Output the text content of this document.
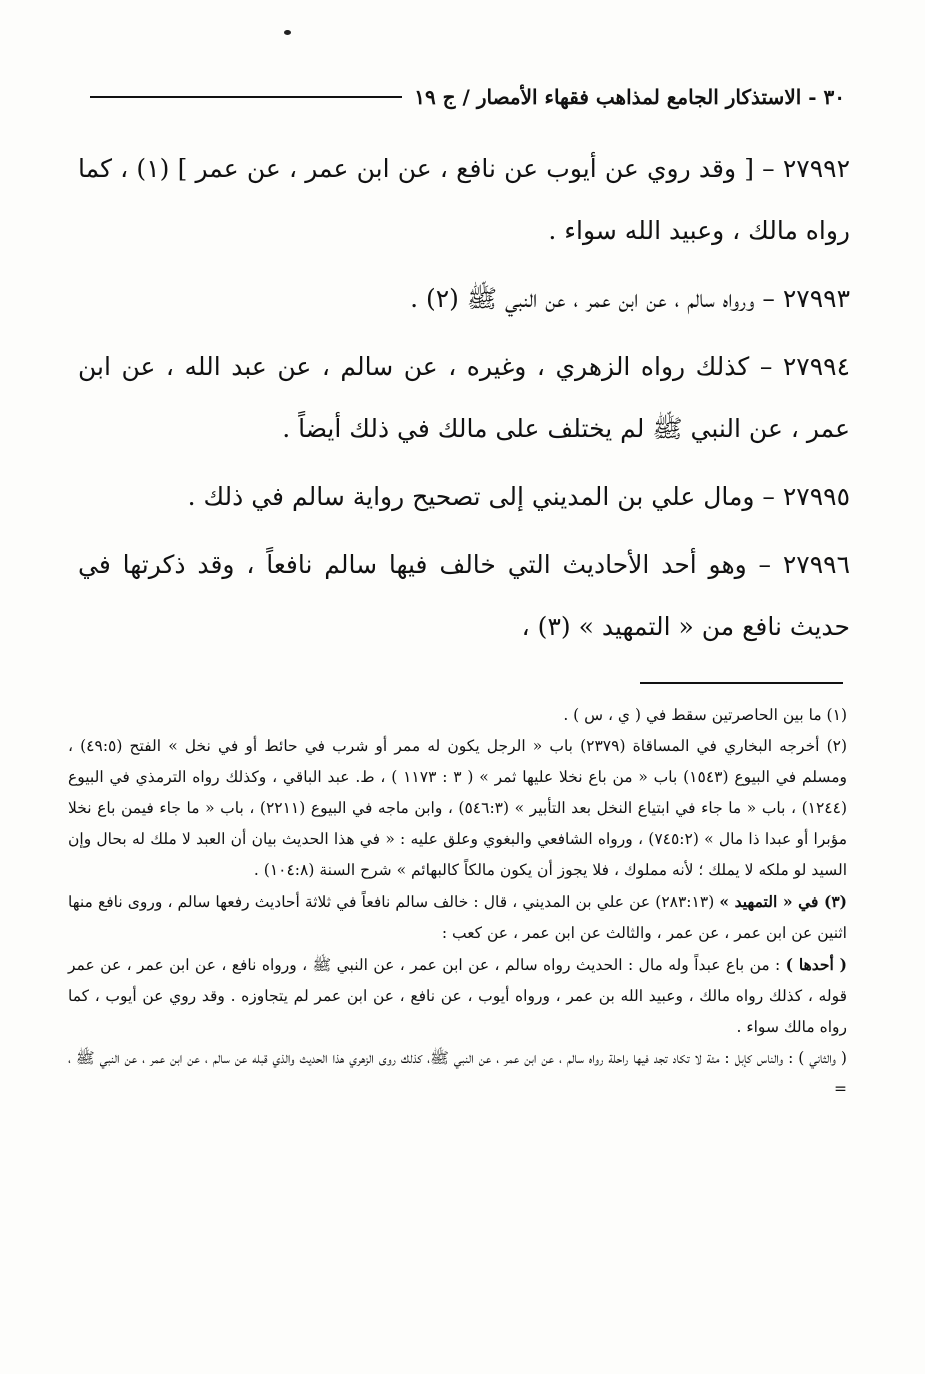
٣٠ - الاستذكار الجامع لمذاهب فقهاء الأمصار / ج ١٩

٢٧٩٩٢ – [ وقد روي عن أيوب عن نافع ، عن ابن عمر ، عن عمر ] (١) ، كما رواه مالك ، وعبيد الله سواء .

٢٧٩٩٣ – ورواه سالم ، عن ابن عمر ، عن النبي ﷺ (٢) .

٢٧٩٩٤ – كذلك رواه الزهري ، وغيره ، عن سالم ، عن عبد الله ، عن ابن عمر ، عن النبي ﷺ لم يختلف على مالك في ذلك أيضاً .

٢٧٩٩٥ – ومال علي بن المديني إلى تصحيح رواية سالم في ذلك .

٢٧٩٩٦ – وهو أحد الأحاديث التي خالف فيها سالم نافعاً ، وقد ذكرتها في حديث نافع من « التمهيد » (٣) ،

(١) ما بين الحاصرتين سقط في ( ي ، س ) .

(٢) أخرجه البخاري في المساقاة (٢٣٧٩) باب « الرجل يكون له ممر أو شرب في حائط أو في نخل » الفتح (٤٩:٥) ، ومسلم في البيوع (١٥٤٣) باب « من باع نخلا عليها ثمر » ( ٣ : ١١٧٣ ) ، ط. عبد الباقي ، وكذلك رواه الترمذي في البيوع (١٢٤٤) ، باب « ما جاء في ابتياع النخل بعد التأبير » (٥٤٦:٣) ، وابن ماجه في البيوع (٢٢١١) ، باب « ما جاء فيمن باع نخلا مؤبرا أو عبدا ذا مال » (٧٤٥:٢) ، ورواه الشافعي والبغوي وعلق عليه : « في هذا الحديث بيان أن العبد لا ملك له بحال وإن السيد لو ملكه لا يملك ؛ لأنه مملوك ، فلا يجوز أن يكون مالكاً كالبهائم » شرح السنة (١٠٤:٨) .

(٣) في « التمهيد » (٢٨٣:١٣) عن علي بن المديني ، قال : خالف سالم نافعاً في ثلاثة أحاديث رفعها سالم ، وروى نافع منها اثنين عن ابن عمر ، عن عمر ، والثالث عن ابن عمر ، عن كعب :

( أحدها ) : من باع عبداً وله مال : الحديث رواه سالم ، عن ابن عمر ، عن النبي ﷺ ، ورواه نافع ، عن ابن عمر ، عن عمر قوله ، كذلك رواه مالك ، وعبيد الله بن عمر ، ورواه أيوب ، عن نافع ، عن ابن عمر لم يتجاوزه . وقد روي عن أيوب ، كما رواه مالك سواء .

( والثاني ) : والناس كإبل : مئة لا تكاد تجد فيها راحلة رواه سالم ، عن ابن عمر ، عن النبي ﷺ، كذلك روى الزهري هذا الحديث والذي قبله عن سالم ، عن ابن عمر ، عن النبي ﷺ ، =
